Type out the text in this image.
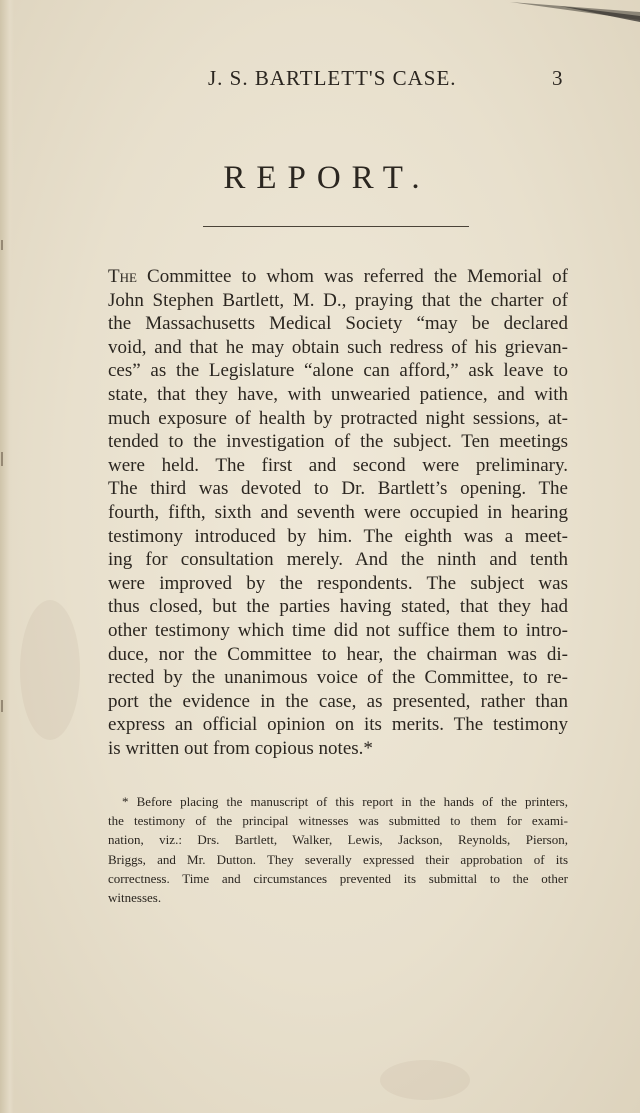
J. S. BARTLETT'S CASE.	3
REPORT.
The Committee to whom was referred the Memorial of
John Stephen Bartlett, M. D., praying that the charter of
the Massachusetts Medical Society “may be declared
void, and that he may obtain such redress of his grievan-
ces” as the Legislature “alone can afford,” ask leave to
state, that they have, with unwearied patience, and with
much exposure of health by protracted night sessions, at-
tended to the investigation of the subject. Ten meetings
were held. The first and second were preliminary.
The third was devoted to Dr. Bartlett’s opening. The
fourth, fifth, sixth and seventh were occupied in hearing
testimony introduced by him. The eighth was a meet-
ing for consultation merely. And the ninth and tenth
were improved by the respondents. The subject was
thus closed, but the parties having stated, that they had
other testimony which time did not suffice them to intro-
duce, nor the Committee to hear, the chairman was di-
rected by the unanimous voice of the Committee, to re-
port the evidence in the case, as presented, rather than
express an official opinion on its merits. The testimony
is written out from copious notes.*
* Before placing the manuscript of this report in the hands of the printers,
the testimony of the principal witnesses was submitted to them for exami-
nation, viz.: Drs. Bartlett, Walker, Lewis, Jackson, Reynolds, Pierson,
Briggs, and Mr. Dutton. They severally expressed their approbation of its
correctness. Time and circumstances prevented its submittal to the other
witnesses.
